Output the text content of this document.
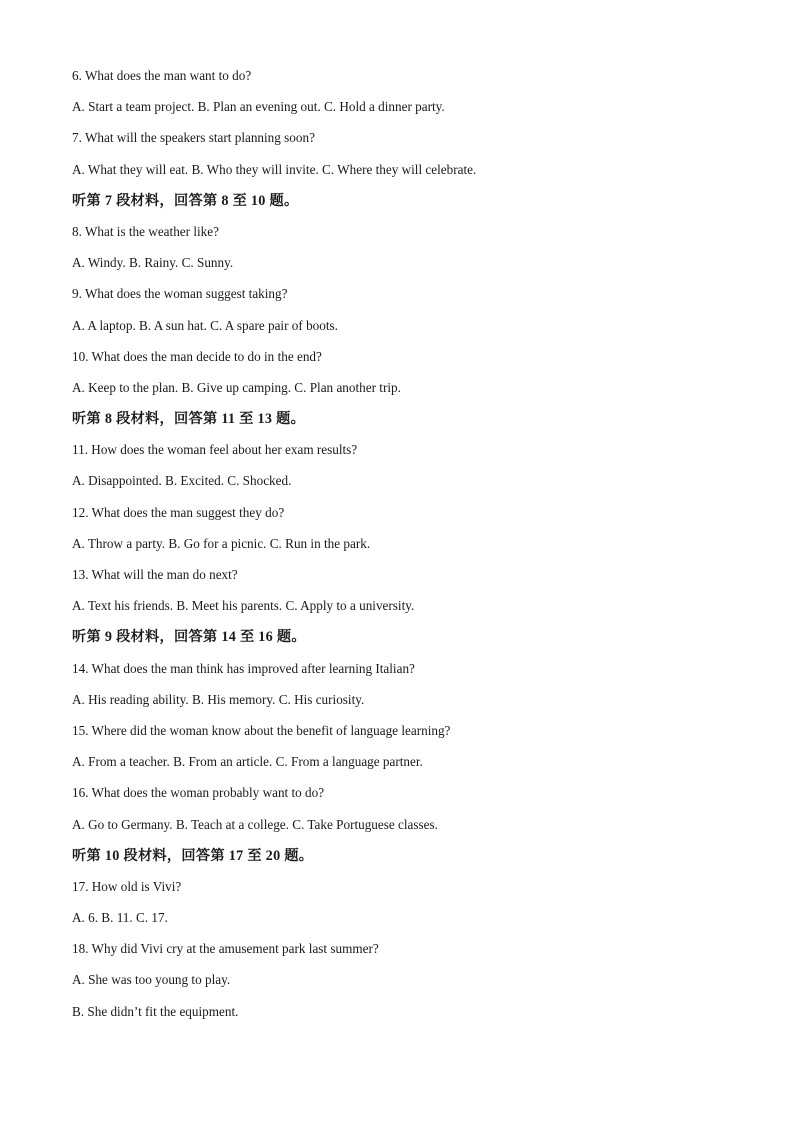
6. What does the man want to do?
A. Start a team project. B. Plan an evening out. C. Hold a dinner party.
7. What will the speakers start planning soon?
A. What they will eat. B. Who they will invite. C. Where they will celebrate.
听第 7 段材料，回答第 8 至 10 题。
8. What is the weather like?
A. Windy. B. Rainy. C. Sunny.
9. What does the woman suggest taking?
A. A laptop. B. A sun hat. C. A spare pair of boots.
10. What does the man decide to do in the end?
A. Keep to the plan. B. Give up camping. C. Plan another trip.
听第 8 段材料，回答第 11 至 13 题。
11. How does the woman feel about her exam results?
A. Disappointed. B. Excited. C. Shocked.
12. What does the man suggest they do?
A. Throw a party. B. Go for a picnic. C. Run in the park.
13. What will the man do next?
A. Text his friends. B. Meet his parents. C. Apply to a university.
听第 9 段材料，回答第 14 至 16 题。
14. What does the man think has improved after learning Italian?
A. His reading ability. B. His memory. C. His curiosity.
15. Where did the woman know about the benefit of language learning?
A. From a teacher. B. From an article. C. From a language partner.
16. What does the woman probably want to do?
A. Go to Germany. B. Teach at a college. C. Take Portuguese classes.
听第 10 段材料，回答第 17 至 20 题。
17. How old is Vivi?
A. 6. B. 11. C. 17.
18. Why did Vivi cry at the amusement park last summer?
A. She was too young to play.
B. She didn’t fit the equipment.
